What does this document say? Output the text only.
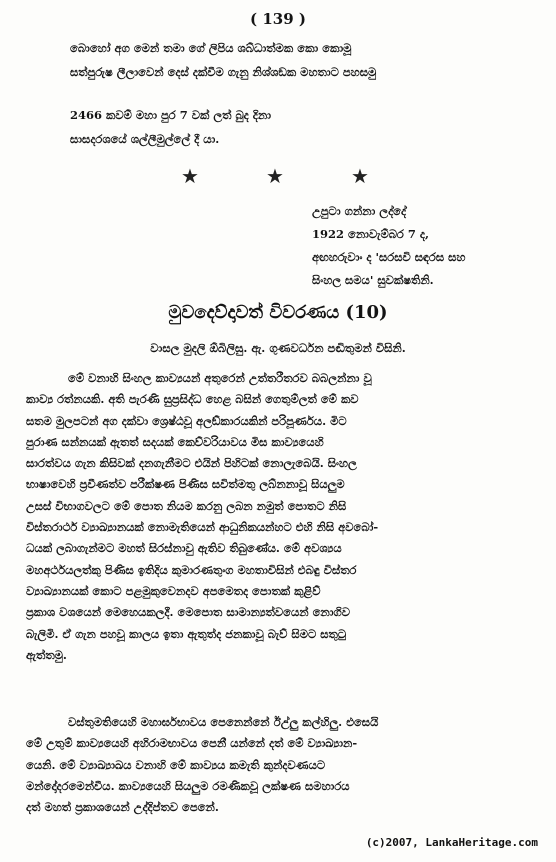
( 139 )
බොහෝ අග මෙන් තමා ගේ ලිපිය ශබ්ධාත්මක කො කොමූ
සත්පුරුෂ ලීලාවෙන් දෙස් දක්වීම ගැනු නිශ්ශඞක මහතාට පහසමු
2466 කවම් මහා පුර 7 වක් ලත් බුද දිනා
සාසදරශයේ ශල්ලීමුල්ලේ දී යා.
★	★	★
උපුටා ගන්නා ලද්දේ
1922 නොවැම්බර 7 ද,
අඟහරුවාං ද 'සරසවි සඳරස සහ
සිංහල සමය' සුවක්ෂතිනි.
මුවදෙව්දාවත් විවරණය (10)
වාසල මුදලි ඕබිලිසු. ඇ. ගුණවර්ධන පඬිතුමන් විසිනි.
මේ වනාහි සිංහල කාව්‍යයන් අතුරෙන් උත්තරීතරව බබලන්නා වූ
කාව්‍ය රත්නයකි. අති පැරණි සුප්‍රසිද්ධ හෙළ බසින් ගෙතුම්ලත් මේ කව
සතම මුලපටන් අග දක්වා ශ්‍රෙෂ්ඨවූ අලඞ්කාරයකින් පරිපූර්ණය. මිට
පුරාණ සන්නයක් ඇතත් සදයක් කෙව්වරියාවය මිස කාව්‍යයෙහි
සාරත්වය ගැන කිසිවක් දනගැනීමට එයින් පිහිටක් නොලැබෙයි. සිංහල
භාෂාවෙහි ප්‍රවීණත්ව පරීක්ෂණ පිණිස සවිත්මතු ලබ්නනාවූ සියලුම
උසස් විභාගවලට මේ පොත නියම කරනු ලබන නමුත් පොතට නිසි
විස්තරාර්ථ ව්‍යාඛ්‍යානයක් නොමැතියෙන් ආධුනිකයන්හට එහි නිසි අවබෝ-
ධයක් ලබාගැන්මට මහත් සිරස්නාවු ඇතිව තිබුණේය. මේ අවශ්‍යය
මහඅර්ථයලත්කු පිණිස ඉතිදිය කුමාරණතුංග මහතාවිසින් එබඳු විස්තර
ව්‍යාඛ්‍යානයක් කොට පළමුකුවෙනදව අපමෙතද පොතක් කුළිව්
ප්‍රකාශ වශයෙන් මෙහෙයකලදී. මෙපොත සාමාන්‍යත්වයෙන් නොගිව
බැලිමි. ඒ ගැන පහවූ කාලය ඉතා ඇතුත්ද ජනකාවූ බැව් සිමට සතුටු
ඇත්තමු.
වස්තුමතියෙහි මහාර්ඝභාවය පෙනෙන්නේ ඊඋ්ලු කල්හිලු. එසෙයි
මේ උතුම් කාව්‍යයෙහි අහිරාමභාවය පෙනී යන්නේ දත් මේ ව්‍යාඛ්‍යාන-
යෙනි. මේ ව්‍යාඛ්‍යාඛය වනාහි මේ කාව්‍යය කමැති කුන්දවණයට
මන්දෝදරමෙන්වීය. කාව්‍යයෙහි සියලුම රමණිකවූ ලක්ෂණ සමහාරය
දත් මහත් ප්‍රකාශයෙන් උද්දිප්තව පෙනේ.
(c)2007, LankaHeritage.com
